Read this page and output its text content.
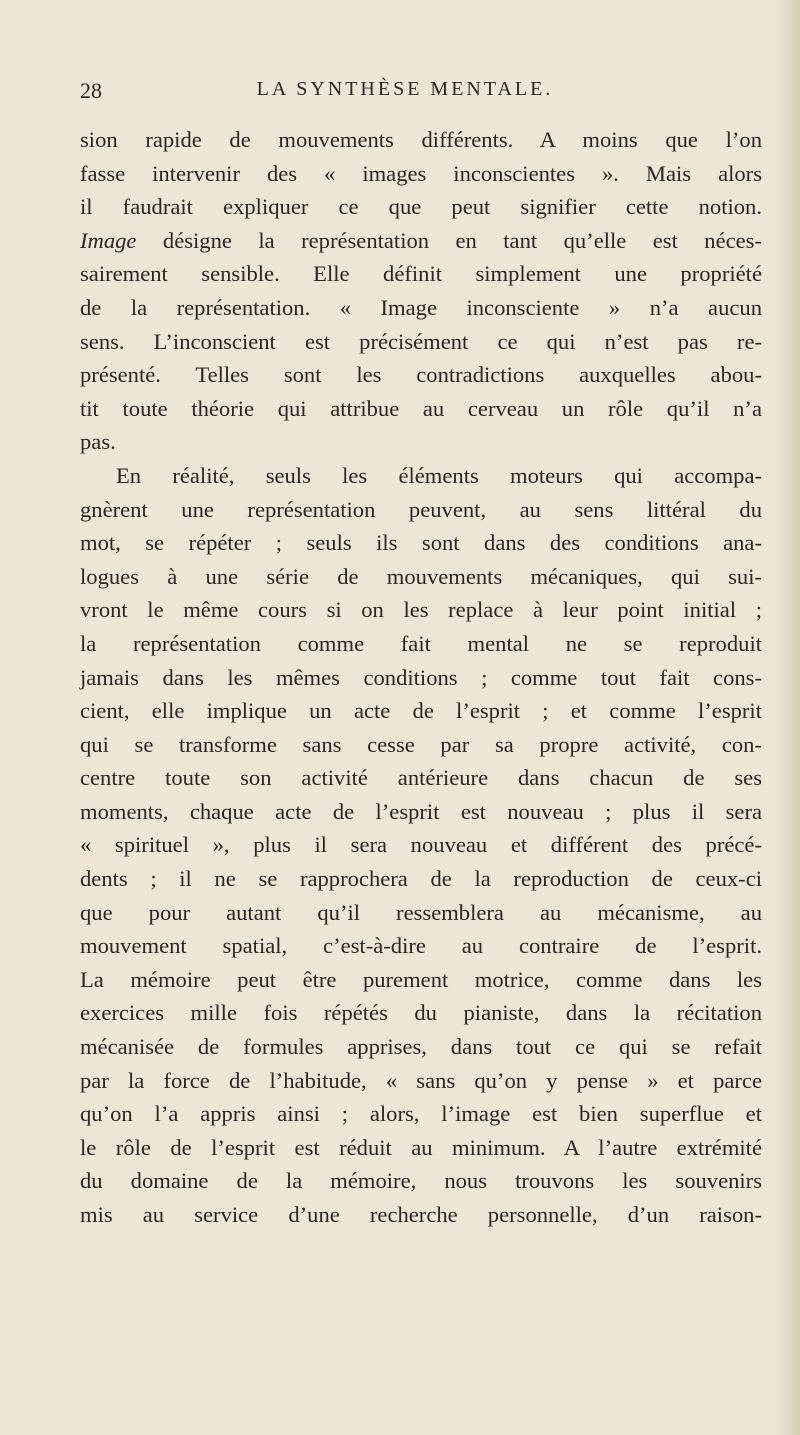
28	LA SYNTHÈSE MENTALE.
sion rapide de mouvements différents. A moins que l’on
fasse intervenir des « images inconscientes ». Mais alors
il faudrait expliquer ce que peut signifier cette notion.
Image désigne la représentation en tant qu’elle est néces-
sairement sensible. Elle définit simplement une propriété
de la représentation. « Image inconsciente » n’a aucun
sens. L’inconscient est précisément ce qui n’est pas re-
présenté. Telles sont les contradictions auxquelles abou-
tit toute théorie qui attribue au cerveau un rôle qu’il n’a
pas.
En réalité, seuls les éléments moteurs qui accompa-
gnèrent une représentation peuvent, au sens littéral du
mot, se répéter ; seuls ils sont dans des conditions ana-
logues à une série de mouvements mécaniques, qui sui-
vront le même cours si on les replace à leur point initial ;
la représentation comme fait mental ne se reproduit
jamais dans les mêmes conditions ; comme tout fait cons-
cient, elle implique un acte de l’esprit ; et comme l’esprit
qui se transforme sans cesse par sa propre activité, con-
centre toute son activité antérieure dans chacun de ses
moments, chaque acte de l’esprit est nouveau ; plus il sera
« spirituel », plus il sera nouveau et différent des précé-
dents ; il ne se rapprochera de la reproduction de ceux-ci
que pour autant qu’il ressemblera au mécanisme, au
mouvement spatial, c’est-à-dire au contraire de l’esprit.
La mémoire peut être purement motrice, comme dans les
exercices mille fois répétés du pianiste, dans la récitation
mécanisée de formules apprises, dans tout ce qui se refait
par la force de l’habitude, « sans qu’on y pense » et parce
qu’on l’a appris ainsi ; alors, l’image est bien superflue et
le rôle de l’esprit est réduit au minimum. A l’autre extrémité
du domaine de la mémoire, nous trouvons les souvenirs
mis au service d’une recherche personnelle, d’un raison-
